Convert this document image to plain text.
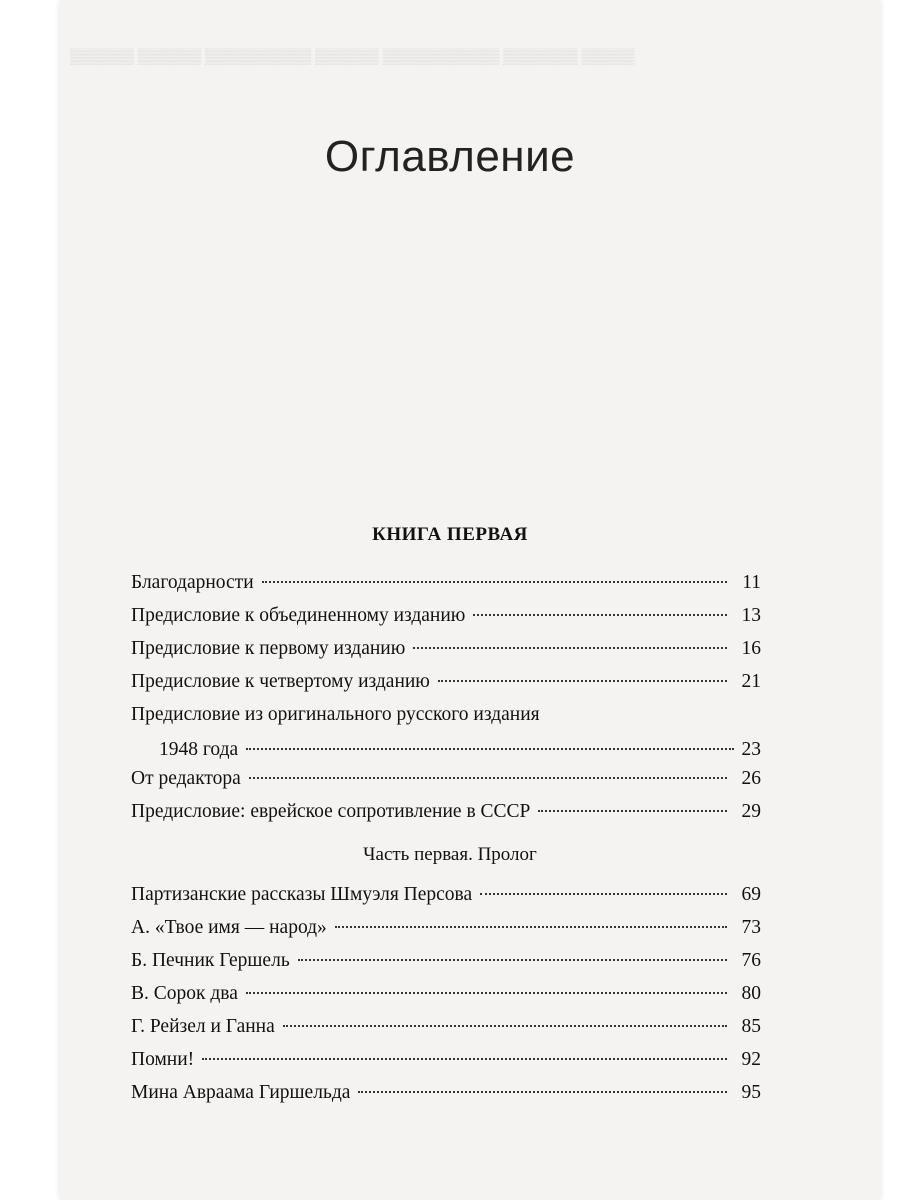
Оглавление
КНИГА ПЕРВАЯ
Благодарности	11
Предисловие к объединенному изданию	13
Предисловие к первому изданию	16
Предисловие к четвертому изданию	21
Предисловие из оригинального русского издания
1948 года	23
От редактора	26
Предисловие: еврейское сопротивление в СССР	29
Часть первая. Пролог
Партизанские рассказы Шмуэля Персова	69
А. «Твое имя — народ»	73
Б. Печник Гершель	76
В. Сорок два	80
Г. Рейзел и Ганна	85
Помни!	92
Мина Авраама Гиршельда	95
